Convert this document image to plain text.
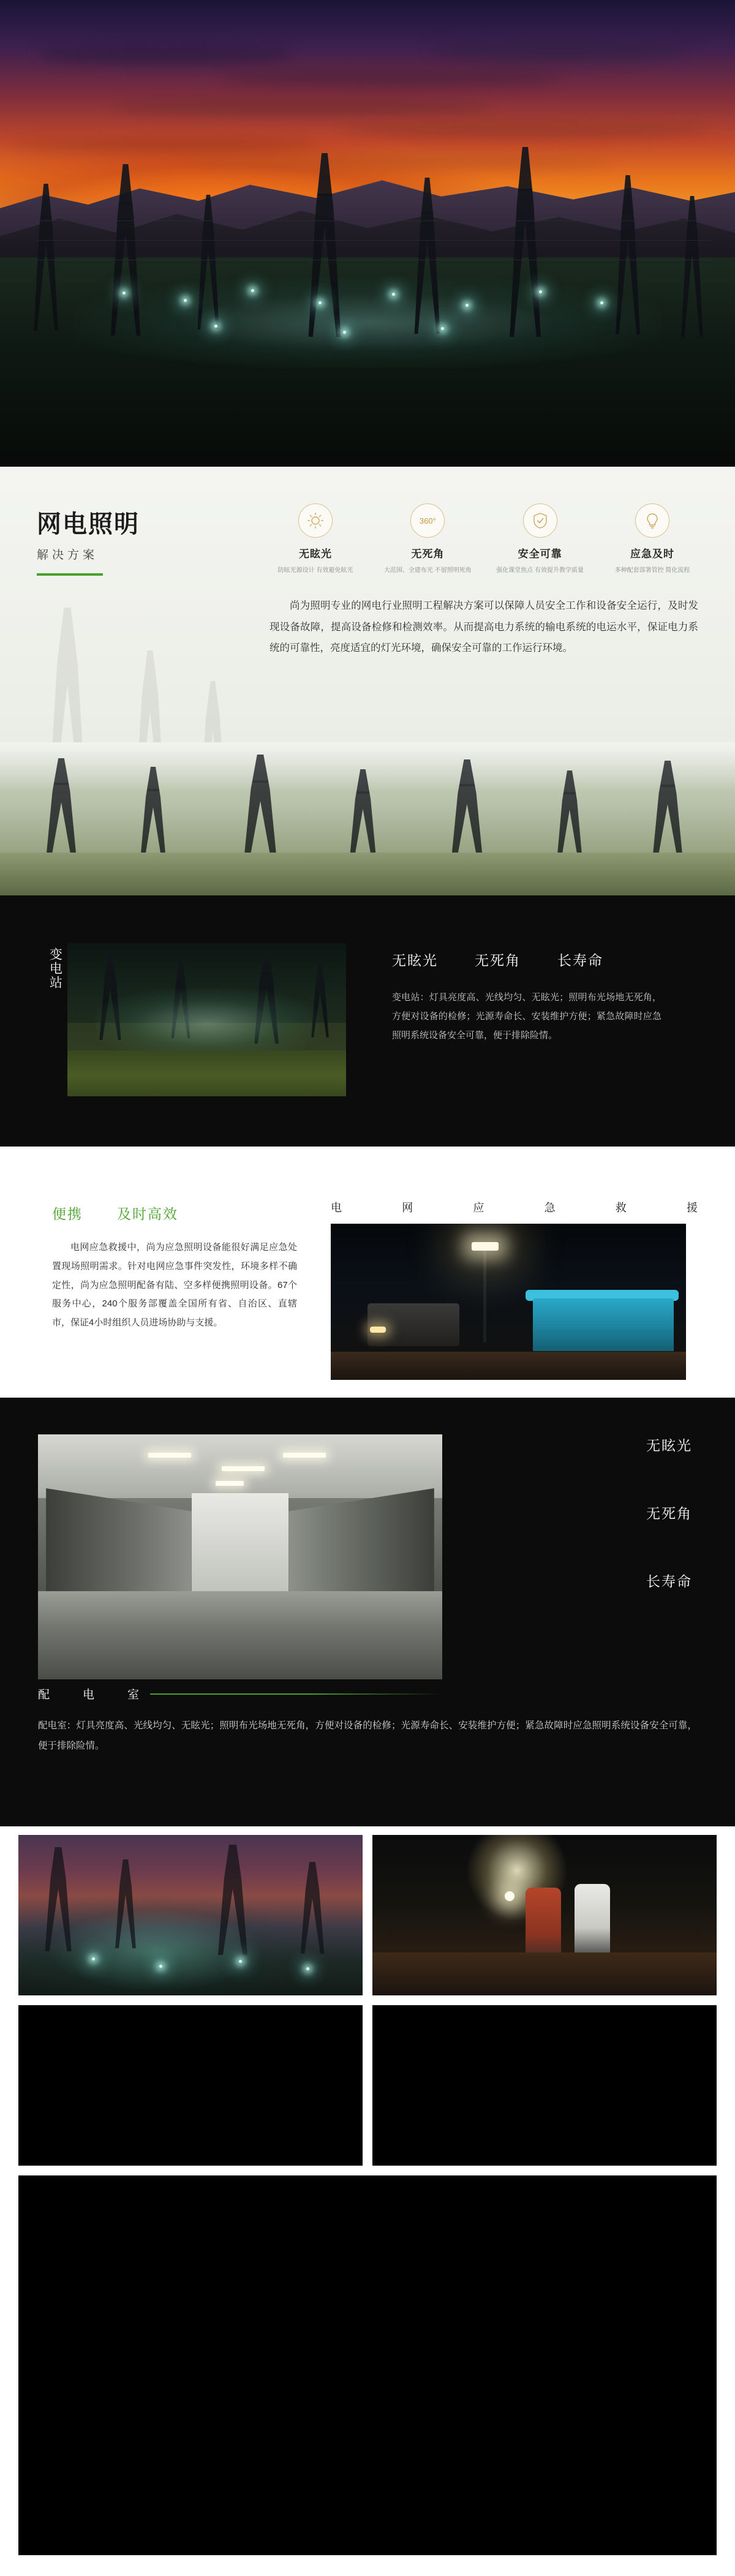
网电照明
解决方案	无眩光
防眩光源设计 有效避免眩光
360°
无死角
大范围、全建布光 不留照明死角
安全可靠
强化课堂焦点 有效提升教学质量
应急及时
多种配套部署管控 简化流程

尚为照明专业的网电行业照明工程解决方案可以保障人员安全工作和设备安全运行，及时发现设备故障，提高设备检修和检测效率。从而提高电力系统的输电系统的电运水平，保证电力系统的可靠性，亮度适宜的灯光环境，确保安全可靠的工作运行环境。

变电站	无眩光	无死角	长寿命

变电站：灯具亮度高、光线均匀、无眩光；照明布光场地无死角，方便对设备的检修；光源寿命长、安装维护方便；紧急故障时应急照明系统设备安全可靠，便于排除险情。

便携 及时高效

电网应急救援中，尚为应急照明设备能很好满足应急处置现场照明需求。针对电网应急事件突发性，环境多样不确定性，尚为应急照明配备有陆、空多样便携照明设备。67个服务中心，240个服务部覆盖全国所有省、自治区、直辖市，保证4小时组织人员进场协助与支援。

电	网	应	急	救	援
无眩光
无死角
长寿命
配	电	室

配电室：灯具亮度高、光线均匀、无眩光；照明布光场地无死角，方便对设备的检修；光源寿命长、安装维护方便；紧急故障时应急照明系统设备安全可靠，便于排除险情。
